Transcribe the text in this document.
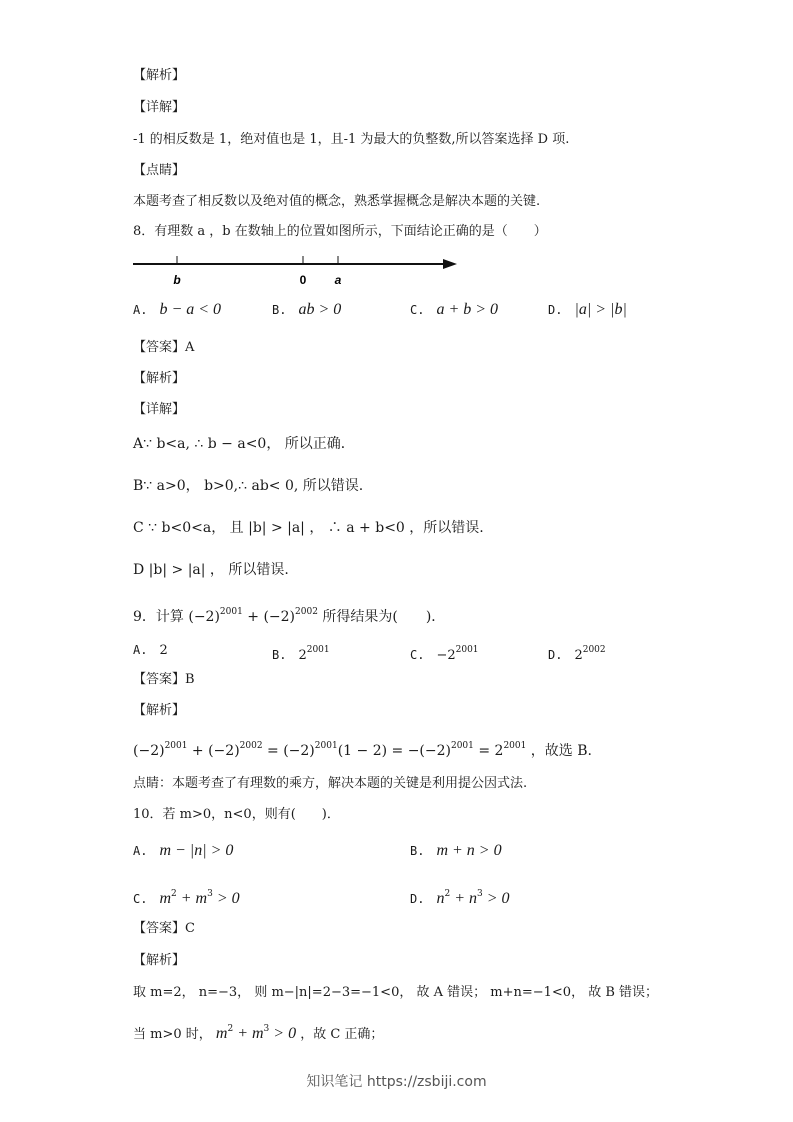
【解析】
【详解】
-1 的相反数是 1，绝对值也是 1，且-1 为最大的负整数,所以答案选择 D 项.
【点睛】
本题考查了相反数以及绝对值的概念，熟悉掌握概念是解决本题的关键.
8．有理数 a ，b 在数轴上的位置如图所示，下面结论正确的是（　　）
b	0 a
A. b − a < 0	B. ab > 0	C. a + b > 0	D. |a| > |b|
【答案】A
【解析】
【详解】
A∵ b<a, ∴ b − a<0， 所以正确．
B∵ a>0， b>0,∴ ab< 0, 所以错误.
C ∵ b<0<a， 且 |b| > |a| ， ∴ a + b<0 ，所以错误.
D |b| > |a| ， 所以错误.
9．计算 $(-2)^{2001} + (-2)^{2002}$ 所得结果为(　　)．
A. 2	B. $2^{2001}$	C. $-2^{2001}$	D. $2^{2002}$
【答案】B
【解析】
$(-2)^{2001} + (-2)^{2002} = (-2)^{2001}(1 - 2) = -(-2)^{2001} = 2^{2001}$ ，故选 B.
点睛：本题考查了有理数的乘方，解决本题的关键是利用提公因式法.
10．若 m>0，n<0，则有(　　)．
A. m − |n| > 0	B. m + n > 0
C. $m^2 + m^3 > 0$	D. $n^2 + n^3 > 0$
【答案】C
【解析】
取 m=2， n=−3， 则 m−|n|=2−3=−1<0， 故 A 错误； m+n=−1<0， 故 B 错误；
当 m>0 时， $m^2 + m^3 > 0$ ，故 C 正确；
知识笔记 https://zsbiji.com
